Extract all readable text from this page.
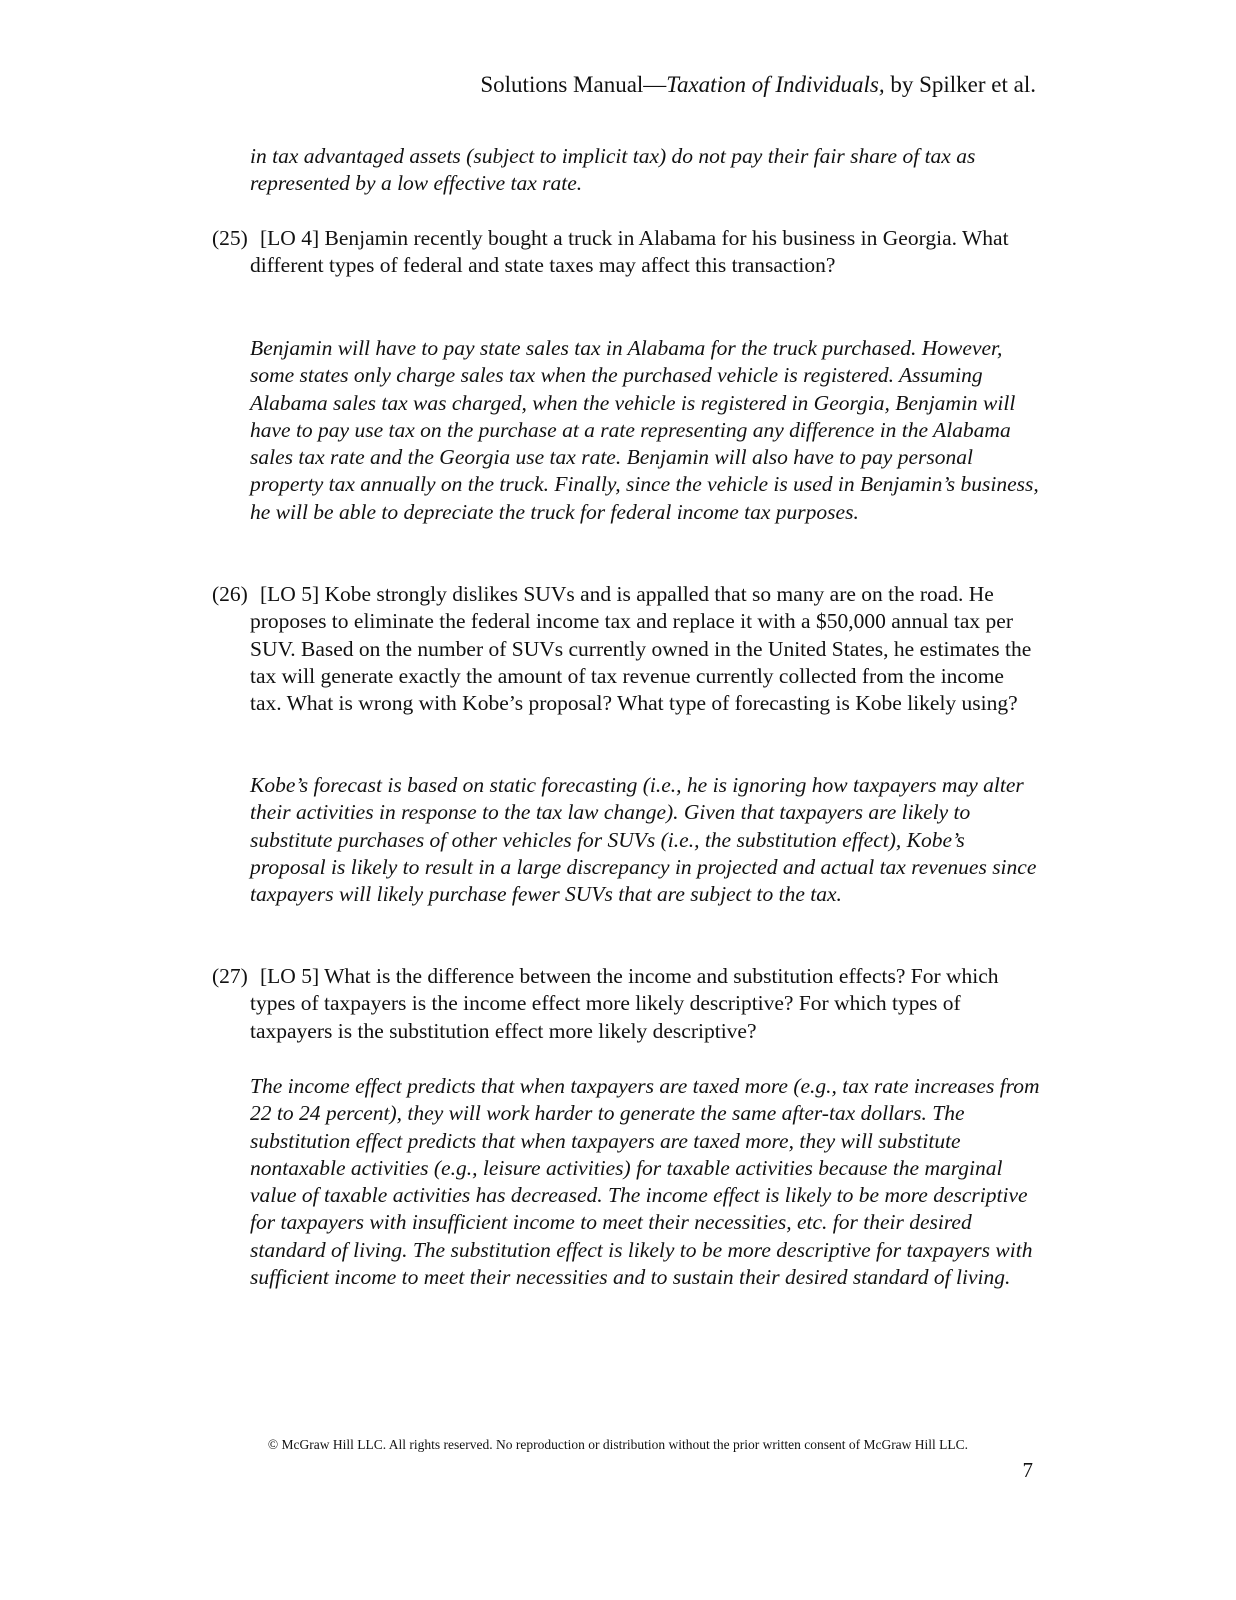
Solutions Manual—Taxation of Individuals, by Spilker et al.

in tax advantaged assets (subject to implicit tax) do not pay their fair share of tax as represented by a low effective tax rate.

(25) [LO 4] Benjamin recently bought a truck in Alabama for his business in Georgia. What different types of federal and state taxes may affect this transaction?

Benjamin will have to pay state sales tax in Alabama for the truck purchased. However, some states only charge sales tax when the purchased vehicle is registered. Assuming Alabama sales tax was charged, when the vehicle is registered in Georgia, Benjamin will have to pay use tax on the purchase at a rate representing any difference in the Alabama sales tax rate and the Georgia use tax rate. Benjamin will also have to pay personal property tax annually on the truck. Finally, since the vehicle is used in Benjamin’s business, he will be able to depreciate the truck for federal income tax purposes.

(26) [LO 5] Kobe strongly dislikes SUVs and is appalled that so many are on the road. He proposes to eliminate the federal income tax and replace it with a $50,000 annual tax per SUV. Based on the number of SUVs currently owned in the United States, he estimates the tax will generate exactly the amount of tax revenue currently collected from the income tax. What is wrong with Kobe’s proposal? What type of forecasting is Kobe likely using?

Kobe’s forecast is based on static forecasting (i.e., he is ignoring how taxpayers may alter their activities in response to the tax law change). Given that taxpayers are likely to substitute purchases of other vehicles for SUVs (i.e., the substitution effect), Kobe’s proposal is likely to result in a large discrepancy in projected and actual tax revenues since taxpayers will likely purchase fewer SUVs that are subject to the tax.

(27) [LO 5] What is the difference between the income and substitution effects? For which types of taxpayers is the income effect more likely descriptive? For which types of taxpayers is the substitution effect more likely descriptive?

The income effect predicts that when taxpayers are taxed more (e.g., tax rate increases from 22 to 24 percent), they will work harder to generate the same after-tax dollars. The substitution effect predicts that when taxpayers are taxed more, they will substitute nontaxable activities (e.g., leisure activities) for taxable activities because the marginal value of taxable activities has decreased. The income effect is likely to be more descriptive for taxpayers with insufficient income to meet their necessities, etc. for their desired standard of living. The substitution effect is likely to be more descriptive for taxpayers with sufficient income to meet their necessities and to sustain their desired standard of living.

© McGraw Hill LLC. All rights reserved. No reproduction or distribution without the prior written consent of McGraw Hill LLC.
7
